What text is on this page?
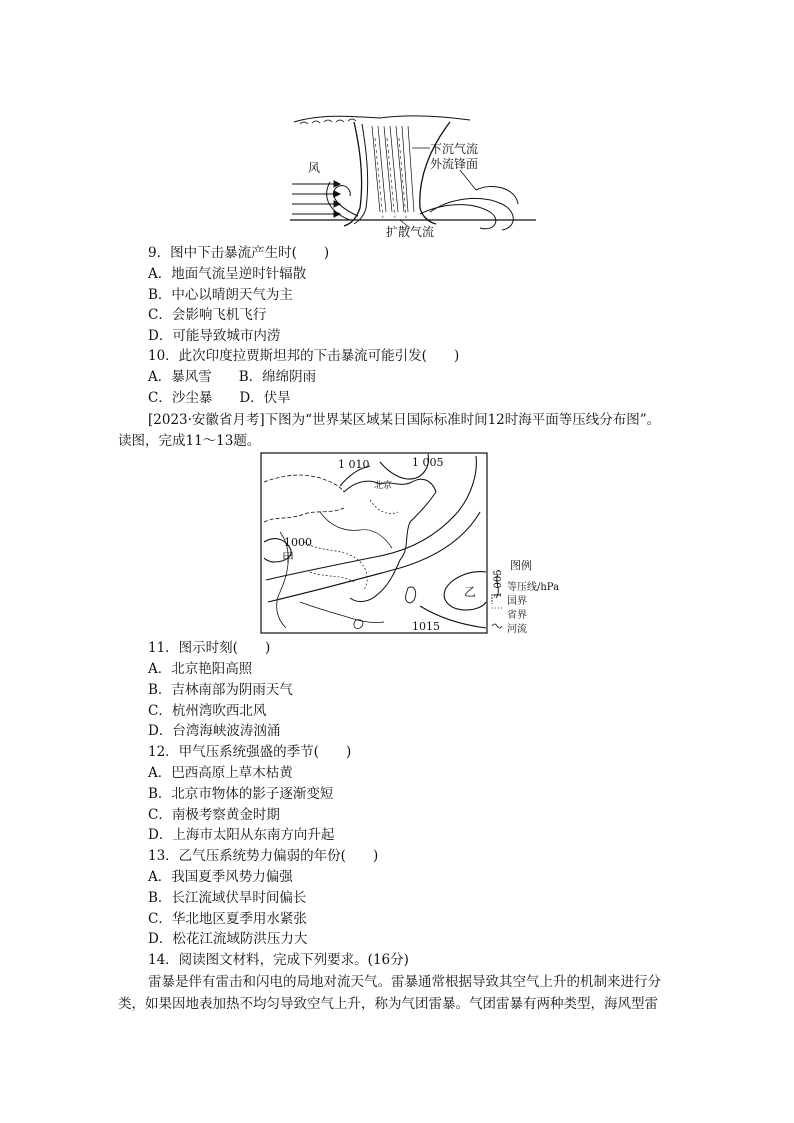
下沉气流
外流锋面
风
扩散气流
9．图中下击暴流产生时(　　)
A．地面气流呈逆时针辐散
B．中心以晴朗天气为主
C．会影响飞机飞行
D．可能导致城市内涝
10．此次印度拉贾斯坦邦的下击暴流可能引发(　　)
A．暴风雪　　B．绵绵阴雨
C．沙尘暴　　D．伏旱
[2023·安徽省月考]下图为“世界某区域某日国际标准时间12时海平面等压线分布图”。
读图，完成11～13题。
1 010	1 005
1000
1015
甲
乙
北京
图例
1 005 等压线/hPa
国界
省界
河流
11．图示时刻(　　)
A．北京艳阳高照
B．吉林南部为阴雨天气
C．杭州湾吹西北风
D．台湾海峡波涛汹涌
12．甲气压系统强盛的季节(　　)
A．巴西高原上草木枯黄
B．北京市物体的影子逐渐变短
C．南极考察黄金时期
D．上海市太阳从东南方向升起
13．乙气压系统势力偏弱的年份(　　)
A．我国夏季风势力偏强
B．长江流域伏旱时间偏长
C．华北地区夏季用水紧张
D．松花江流域防洪压力大
14．阅读图文材料，完成下列要求。(16分)
雷暴是伴有雷击和闪电的局地对流天气。雷暴通常根据导致其空气上升的机制来进行分
类，如果因地表加热不均匀导致空气上升，称为气团雷暴。气团雷暴有两种类型，海风型雷
